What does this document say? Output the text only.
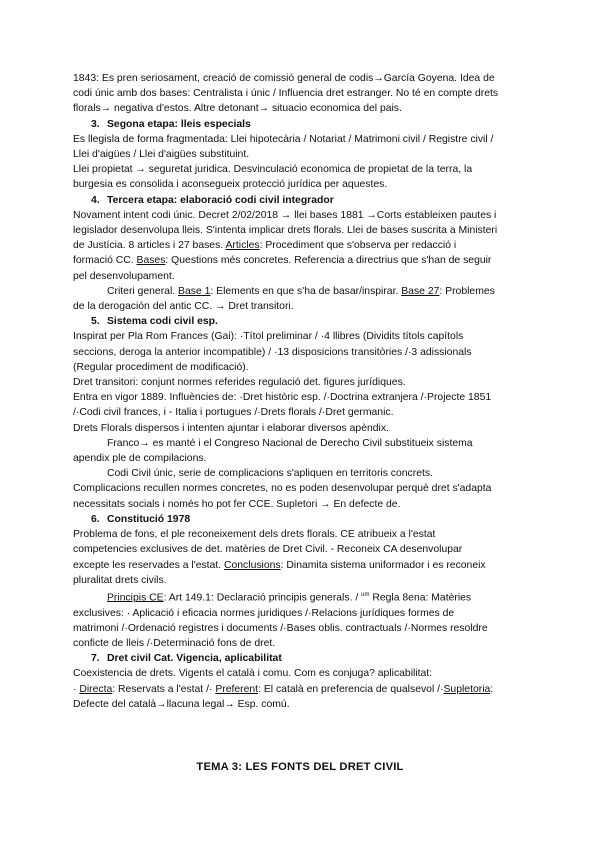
1843: Es pren seriosament, creació de comissió general de codis→García Goyena. Idea de
codi únic amb dos bases: Centralista i únic / Influencia dret estranger. No té en compte drets
florals→ negativa d'estos. Altre detonant→ situacio economica del pais.
3. Segona etapa: lleis especials
Es llegisla de forma fragmentada: Llei hipotecària / Notariat / Matrimoni civil / Registre civil /
Llei d'aigües / Llei d'aigües substituint.
Llei propietat → seguretat juridica. Desvinculació economica de propietat de la terra, la
burgesia es consolida i aconsegueix protecció jurídica per aquestes.
4. Tercera etapa: elaboració codi civil integrador
Novament intent codi únic. Decret 2/02/2018 → llei bases 1881 →Corts estableixen pautes i
legislador desenvolupa lleis. S'intenta implicar drets florals. Llei de bases suscrita a Ministeri
de Justícia. 8 articles i 27 bases. Articles: Procediment que s'observa per redacció i
formació CC. Bases: Questions més concretes. Referencia a directrius que s'han de seguir
pel desenvolupament.
Criteri general. Base 1: Elements en que s'ha de basar/inspirar. Base 27: Problemes
de la derogación del antic CC. → Dret transitori.
5. Sistema codi civil esp.
Inspirat per Pla Rom Frances (Gai): ·Títol preliminar / ·4 llibres (Dividits títols capítols
seccions, deroga la anterior incompatible) / ·13 disposicions transitòries /·3 adissionals
(Regular procediment de modificació).
Dret transitori: conjunt normes referides regulació det. figures jurídiques.
Entra en vigor 1889. Influències de: ·Dret històric esp. /·Doctrina extranjera /·Projecte 1851
/·Codi civil frances, i - Italia i portugues /·Drets florals /·Dret germanic.
Drets Florals dispersos i intenten ajuntar i elaborar diversos apèndix.
Franco→ es manté i el Congreso Nacional de Derecho Civil substitueix sistema
apendix ple de compilacions.
Codi Civil únic, serie de complicacions s'apliquen en territoris concrets.
Complicacions recullen normes concretes, no es poden desenvolupar perquè dret s'adapta
necessitats socials i només ho pot fer CCE. Supletori → En defecte de.
6. Constitució 1978
Problema de fons, el ple reconeixement dels drets florals. CE atribueix a l'estat
competencies exclusives de det. matèries de Dret Civil. - Reconeix CA desenvolupar
excepte les reservades a l'estat. Conclusions: Dinamita sistema uniformador i es reconeix
pluralitat drets civils.
Principis CE: Art 149.1: Declaració principis generals. / $^{um}$ Regla 8ena: Matèries
exclusives: · Aplicació i eficacia normes juridiques /·Relacions jurídiques formes de
matrimoni /·Ordenació registres i documents /·Bases oblis. contractuals /·Normes resoldre
conficte de lleis /·Determinació fons de dret.
7. Dret civil Cat. Vigencia, aplicabilitat
Coexistencia de drets. Vigents el català i comu. Com es conjuga? aplicabilitat:
· Directa: Reservats a l'estat /· Preferent: El català en preferencia de qualsevol /·Supletoria:
Defecte del català→llacuna legal→ Esp. comú.
TEMA 3: LES FONTS DEL DRET CIVIL
